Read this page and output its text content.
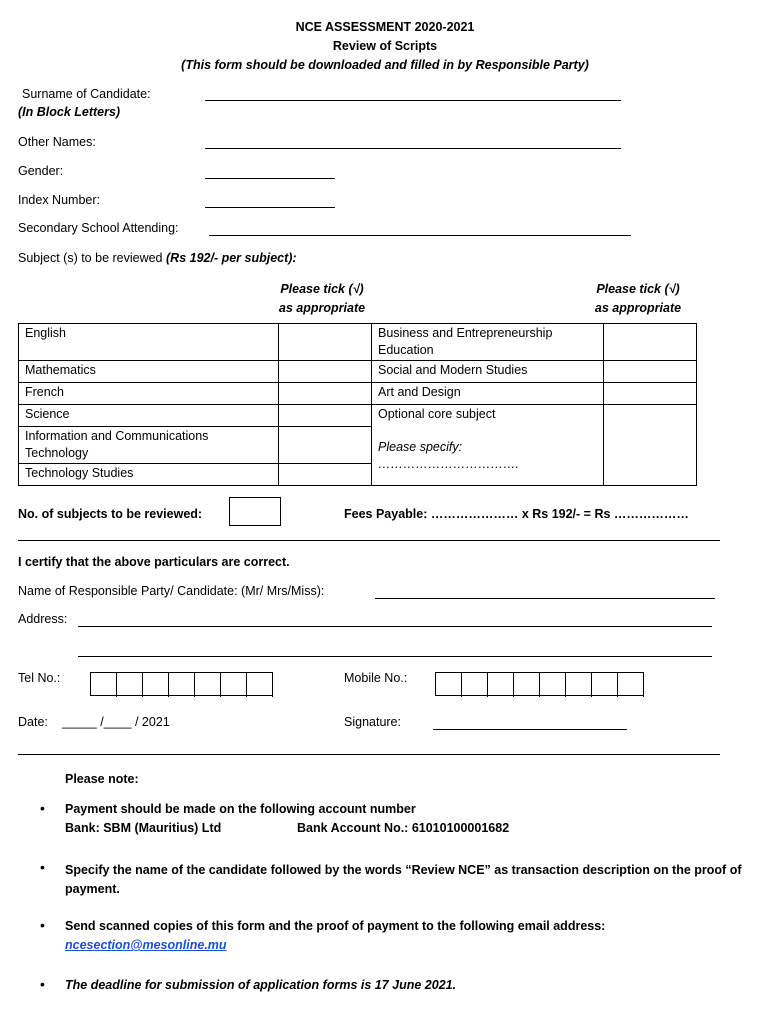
NCE ASSESSMENT 2020-2021
Review of Scripts
(This form should be downloaded and filled in by Responsible Party)
Surname of Candidate:
(In Block Letters)
Other Names:
Gender:
Index Number:
Secondary School Attending:
Subject (s) to be reviewed (Rs 192/- per subject):
Please tick (√)
as appropriate
Please tick (√)
as appropriate
English		Business and Entrepreneurship Education	
Mathematics		Social and Modern Studies	
French		Art and Design	
Science		Optional core subject
Please specify: …………………………….	

Information and Communications Technology			
Technology Studies			
No. of subjects to be reviewed:	Fees Payable: ………………… x Rs 192/- = Rs ………………
I certify that the above particulars are correct.
Name of Responsible Party/ Candidate: (Mr/ Mrs/Miss):
Address:
Tel No.:	Mobile No.:
Date: _____ /____ / 2021	Signature:
Please note:
• Payment should be made on the following account number
Bank: SBM (Mauritius) Ltd	Bank Account No.: 61010100001682
• Specify the name of the candidate followed by the words “Review NCE” as transaction description on the proof of payment.
• Send scanned copies of this form and the proof of payment to the following email address:
ncesection@mesonline.mu
• The deadline for submission of application forms is 17 June 2021.
